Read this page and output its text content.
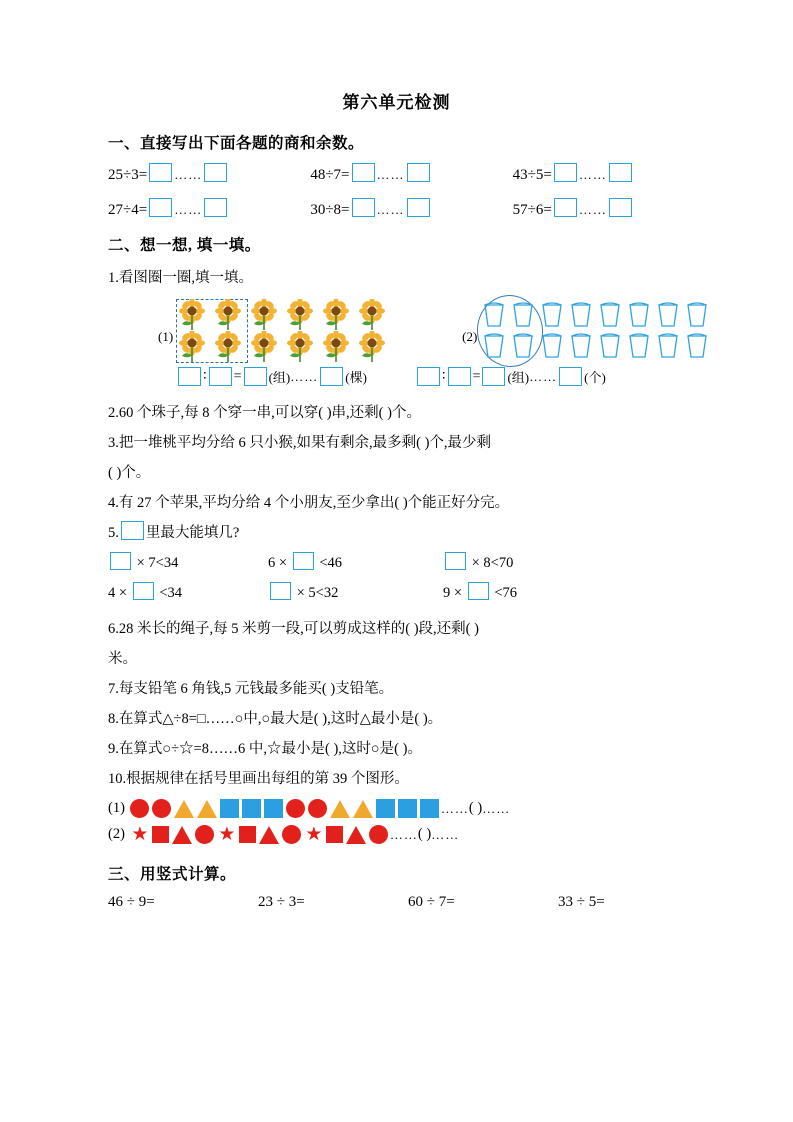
第六单元检测
一、直接写出下面各题的商和余数。
25÷3= ……	48÷7= ……	43÷5= ……
27÷4= ……	30÷8= ……	57÷6= ……
二、想一想, 填一填。
1.看图圈一圈,填一填。
(1)	(2)
∶ = (组) …… (棵)	∶ = (组) …… (个)
2.60 个珠子,每 8 个穿一串,可以穿( )串,还剩( )个。
3.把一堆桃平均分给 6 只小猴,如果有剩余,最多剩( )个,最少剩
( )个。
4.有 27 个苹果,平均分给 4 个小朋友,至少拿出( )个能正好分完。
5. 里最大能填几?
× 7<34	6 ×  <46	× 8<70
4 ×  <34	× 5<32	9 ×  <76
6.28 米长的绳子,每 5 米剪一段,可以剪成这样的( )段,还剩( )
米。
7.每支铅笔 6 角钱,5 元钱最多能买( )支铅笔。
8.在算式△÷8=□……○中,○最大是( ),这时△最小是( )。
9.在算式○÷☆=8……6 中,☆最小是( ),这时○是( )。
10.根据规律在括号里画出每组的第 39 个图形。
(1)	…… ( ) ……
(2) ★	★	★	…… ( ) ……
三、用竖式计算。
46 ÷ 9=	23 ÷ 3=	60 ÷ 7=	33 ÷ 5=
